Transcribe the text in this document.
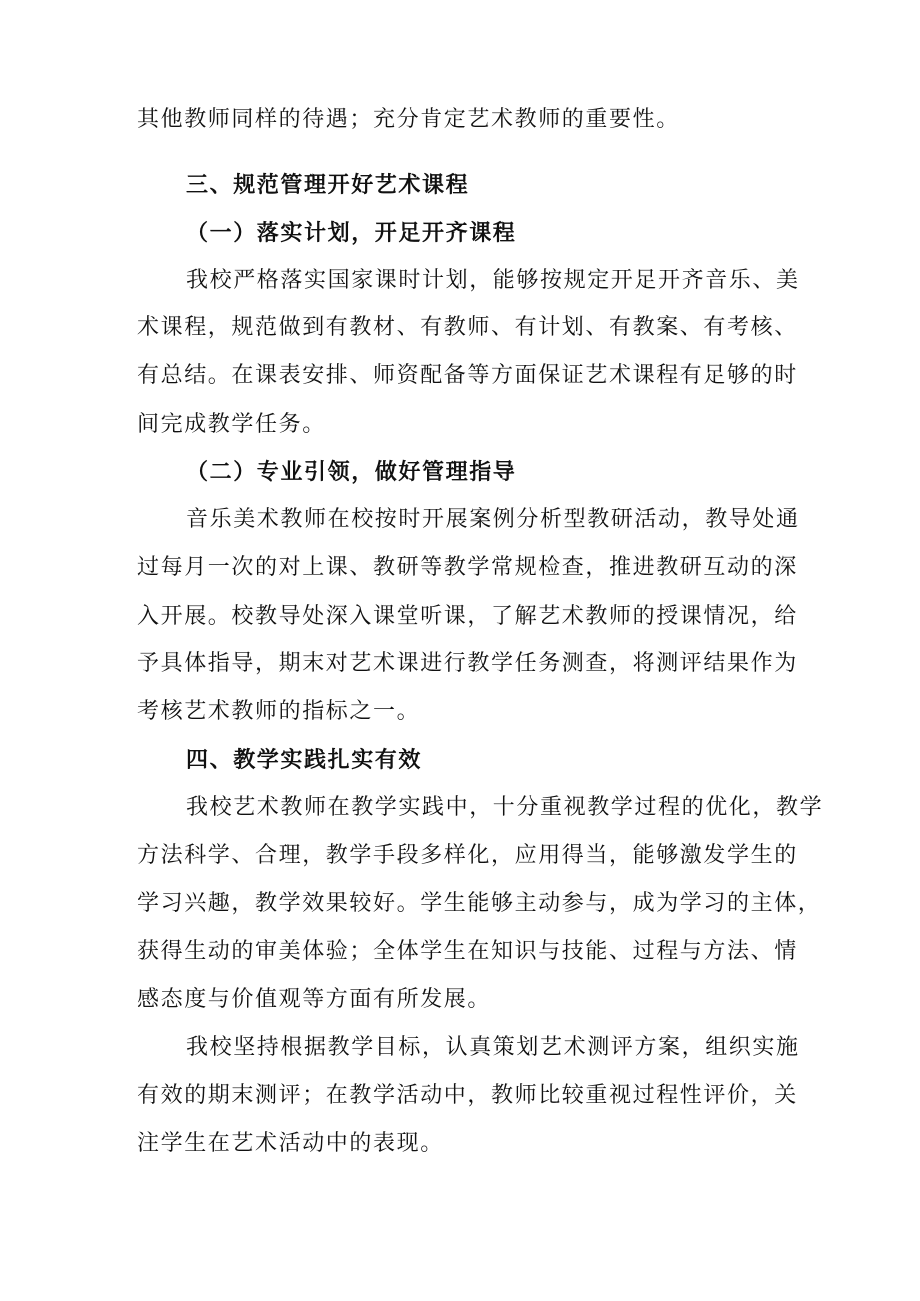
其他教师同样的待遇；充分肯定艺术教师的重要性。
三、规范管理开好艺术课程
（一）落实计划，开足开齐课程
我校严格落实国家课时计划，能够按规定开足开齐音乐、美
术课程，规范做到有教材、有教师、有计划、有教案、有考核、
有总结。在课表安排、师资配备等方面保证艺术课程有足够的时
间完成教学任务。
（二）专业引领，做好管理指导
音乐美术教师在校按时开展案例分析型教研活动，教导处通
过每月一次的对上课、教研等教学常规检查，推进教研互动的深
入开展。校教导处深入课堂听课，了解艺术教师的授课情况，给
予具体指导，期末对艺术课进行教学任务测查，将测评结果作为
考核艺术教师的指标之一。
四、教学实践扎实有效
我校艺术教师在教学实践中，十分重视教学过程的优化，教学
方法科学、合理，教学手段多样化，应用得当，能够激发学生的
学习兴趣，教学效果较好。学生能够主动参与，成为学习的主体，
获得生动的审美体验；全体学生在知识与技能、过程与方法、情
感态度与价值观等方面有所发展。
我校坚持根据教学目标，认真策划艺术测评方案，组织实施
有效的期末测评；在教学活动中，教师比较重视过程性评价，关
注学生在艺术活动中的表现。
